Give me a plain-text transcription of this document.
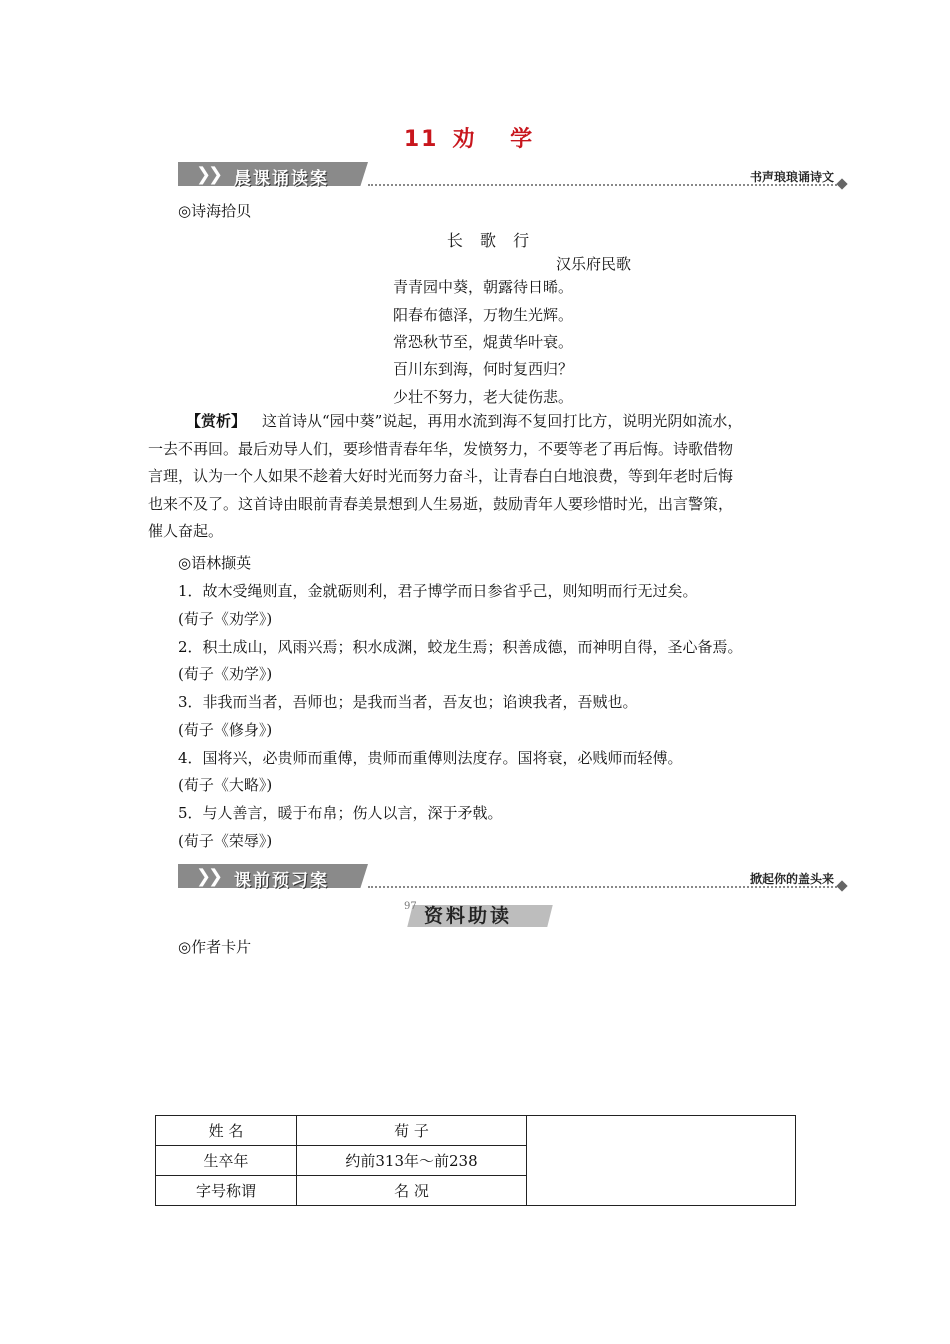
11 劝 学
❯
❯ 晨课诵读案	书声琅琅诵诗文
◎诗海拾贝
长 歌 行
汉乐府民歌
青青园中葵，朝露待日晞。
阳春布德泽，万物生光辉。
常恐秋节至，焜黄华叶衰。
百川东到海，何时复西归？
少壮不努力，老大徒伤悲。
【赏析】 这首诗从“园中葵”说起，再用水流到海不复回打比方，说明光阴如流水，
一去不再回。最后劝导人们，要珍惜青春年华，发愤努力，不要等老了再后悔。诗歌借物
言理，认为一个人如果不趁着大好时光而努力奋斗，让青春白白地浪费，等到年老时后悔
也来不及了。这首诗由眼前青春美景想到人生易逝，鼓励青年人要珍惜时光，出言警策，
催人奋起。
◎语林撷英
1．故木受绳则直，金就砺则利，君子博学而日参省乎己，则知明而行无过矣。
(荀子《劝学》)
2．积土成山，风雨兴焉；积水成渊，蛟龙生焉；积善成德，而神明自得，圣心备焉。
(荀子《劝学》)
3．非我而当者，吾师也；是我而当者，吾友也；谄谀我者，吾贼也。
(荀子《修身》)
4．国将兴，必贵师而重傅，贵师而重傅则法度存。国将衰，必贱师而轻傅。
(荀子《大略》)
5．与人善言，暖于布帛；伤人以言，深于矛戟。
(荀子《荣辱》)
❯
❯ 课前预习案	掀起你的盖头来
97 资料助读
◎作者卡片
姓 名	荀 子	
生卒年	约前313年～前238	
字号称谓	名 况	
